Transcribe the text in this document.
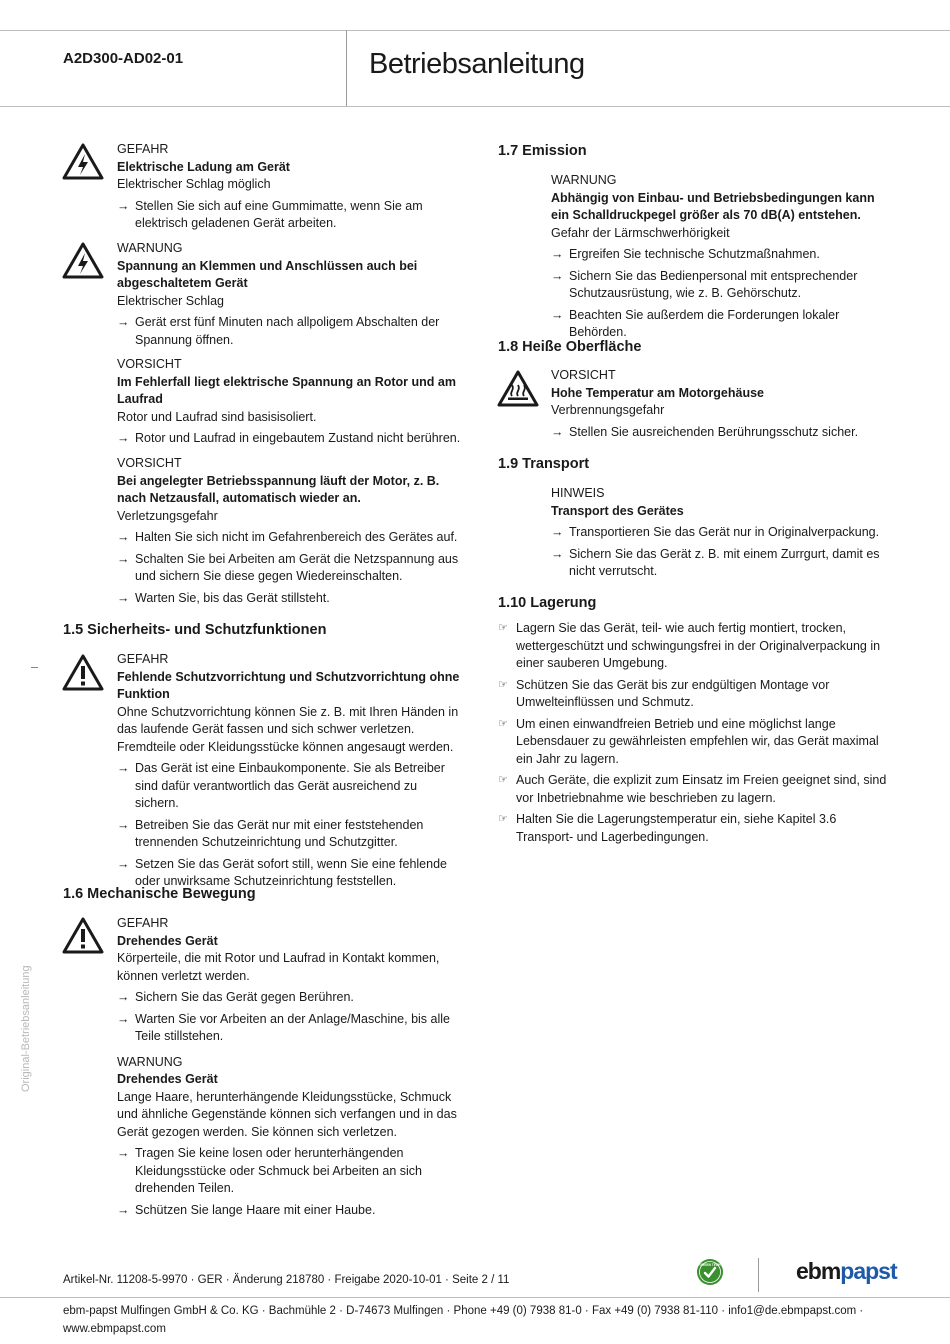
A2D300-AD02-01	Betriebsanleitung
Original-Betriebsanleitung
GEFAHR
Elektrische Ladung am Gerät
Elektrischer Schlag möglich
→ Stellen Sie sich auf eine Gummimatte, wenn Sie am elektrisch geladenen Gerät arbeiten.
WARNUNG
Spannung an Klemmen und Anschlüssen auch bei abgeschaltetem Gerät
Elektrischer Schlag
→ Gerät erst fünf Minuten nach allpoligem Abschalten der Spannung öffnen.
VORSICHT
Im Fehlerfall liegt elektrische Spannung an Rotor und am Laufrad
Rotor und Laufrad sind basisisoliert.
→ Rotor und Laufrad in eingebautem Zustand nicht berühren.
VORSICHT
Bei angelegter Betriebsspannung läuft der Motor, z. B. nach Netzausfall, automatisch wieder an.
Verletzungsgefahr
→ Halten Sie sich nicht im Gefahrenbereich des Gerätes auf.
→ Schalten Sie bei Arbeiten am Gerät die Netzspannung aus und sichern Sie diese gegen Wiedereinschalten.
→ Warten Sie, bis das Gerät stillsteht.
1.5 Sicherheits- und Schutzfunktionen
GEFAHR
Fehlende Schutzvorrichtung und Schutzvorrichtung ohne Funktion
Ohne Schutzvorrichtung können Sie z. B. mit Ihren Händen in das laufende Gerät fassen und sich schwer verletzen. Fremdteile oder Kleidungsstücke können angesaugt werden.
→ Das Gerät ist eine Einbaukomponente. Sie als Betreiber sind dafür verantwortlich das Gerät ausreichend zu sichern.
→ Betreiben Sie das Gerät nur mit einer feststehenden trennenden Schutzeinrichtung und Schutzgitter.
→ Setzen Sie das Gerät sofort still, wenn Sie eine fehlende oder unwirksame Schutzeinrichtung feststellen.
1.6 Mechanische Bewegung
GEFAHR
Drehendes Gerät
Körperteile, die mit Rotor und Laufrad in Kontakt kommen, können verletzt werden.
→ Sichern Sie das Gerät gegen Berühren.
→ Warten Sie vor Arbeiten an der Anlage/Maschine, bis alle Teile stillstehen.
WARNUNG
Drehendes Gerät
Lange Haare, herunterhängende Kleidungsstücke, Schmuck und ähnliche Gegenstände können sich verfangen und in das Gerät gezogen werden. Sie können sich verletzen.
→ Tragen Sie keine losen oder herunterhängenden Kleidungsstücke oder Schmuck bei Arbeiten an sich drehenden Teilen.
→ Schützen Sie lange Haare mit einer Haube.
1.7 Emission
WARNUNG
Abhängig von Einbau- und Betriebsbedingungen kann ein Schalldruckpegel größer als 70 dB(A) entstehen.
Gefahr der Lärmschwerhörigkeit
→ Ergreifen Sie technische Schutzmaßnahmen.
→ Sichern Sie das Bedienpersonal mit entsprechender Schutzausrüstung, wie z. B. Gehörschutz.
→ Beachten Sie außerdem die Forderungen lokaler Behörden.
1.8 Heiße Oberfläche
VORSICHT
Hohe Temperatur am Motorgehäuse
Verbrennungsgefahr
→ Stellen Sie ausreichenden Berührungsschutz sicher.
1.9 Transport
HINWEIS
Transport des Gerätes
→ Transportieren Sie das Gerät nur in Originalverpackung.
→ Sichern Sie das Gerät z. B. mit einem Zurrgurt, damit es nicht verrutscht.
1.10 Lagerung
☞ Lagern Sie das Gerät, teil- wie auch fertig montiert, trocken, wettergeschützt und schwingungsfrei in der Originalverpackung in einer sauberen Umgebung.
☞ Schützen Sie das Gerät bis zur endgültigen Montage vor Umwelteinflüssen und Schmutz.
☞ Um einen einwandfreien Betrieb und eine möglichst lange Lebensdauer zu gewährleisten empfehlen wir, das Gerät maximal ein Jahr zu lagern.
☞ Auch Geräte, die explizit zum Einsatz im Freien geeignet sind, sind vor Inbetriebnahme wie beschrieben zu lagern.
☞ Halten Sie die Lagerungstemperatur ein, siehe Kapitel 3.6 Transport- und Lagerbedingungen.
Artikel-Nr. 11208-5-9970 · GER · Änderung 218780 · Freigabe 2020-10-01 · Seite 2 / 11
GREEN TECH	ebmpapst
ebm-papst Mulfingen GmbH & Co. KG · Bachmühle 2 · D-74673 Mulfingen · Phone +49 (0) 7938 81-0 · Fax +49 (0) 7938 81-110 · info1@de.ebmpapst.com · www.ebmpapst.com
